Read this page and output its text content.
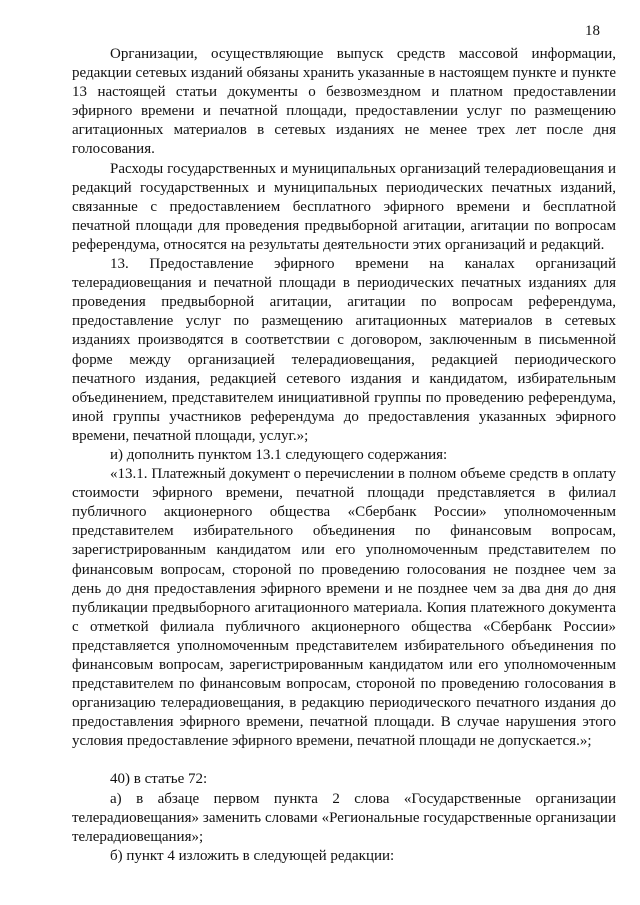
18

Организации, осуществляющие выпуск средств массовой информации, редакции сетевых изданий обязаны хранить указанные в настоящем пункте и пункте 13 настоящей статьи документы о безвозмездном и платном предоставлении эфирного времени и печатной площади, предоставлении услуг по размещению агитационных материалов в сетевых изданиях не менее трех лет после дня голосования.

Расходы государственных и муниципальных организаций телерадиовещания и редакций государственных и муниципальных периодических печатных изданий, связанные с предоставлением бесплатного эфирного времени и бесплатной печатной площади для проведения предвыборной агитации, агитации по вопросам референдума, относятся на результаты деятельности этих организаций и редакций.

13. Предоставление эфирного времени на каналах организаций телерадиовещания и печатной площади в периодических печатных изданиях для проведения предвыборной агитации, агитации по вопросам референдума, предоставление услуг по размещению агитационных материалов в сетевых изданиях производятся в соответствии с договором, заключенным в письменной форме между организацией телерадиовещания, редакцией периодического печатного издания, редакцией сетевого издания и кандидатом, избирательным объединением, представителем инициативной группы по проведению референдума, иной группы участников референдума до предоставления указанных эфирного времени, печатной площади, услуг.»;

и) дополнить пунктом 13.1 следующего содержания:

«13.1. Платежный документ о перечислении в полном объеме средств в оплату стоимости эфирного времени, печатной площади представляется в филиал публичного акционерного общества «Сбербанк России» уполномоченным представителем избирательного объединения по финансовым вопросам, зарегистрированным кандидатом или его уполномоченным представителем по финансовым вопросам, стороной по проведению голосования не позднее чем за день до дня предоставления эфирного времени и не позднее чем за два дня до дня публикации предвыборного агитационного материала. Копия платежного документа с отметкой филиала публичного акционерного общества «Сбербанк России» представляется уполномоченным представителем избирательного объединения по финансовым вопросам, зарегистрированным кандидатом или его уполномоченным представителем по финансовым вопросам, стороной по проведению голосования в организацию телерадиовещания, в редакцию периодического печатного издания до предоставления эфирного времени, печатной площади. В случае нарушения этого условия предоставление эфирного времени, печатной площади не допускается.»;

40) в статье 72:

а) в абзаце первом пункта 2 слова «Государственные организации телерадиовещания» заменить словами «Региональные государственные организации телерадиовещания»;

б) пункт 4 изложить в следующей редакции:
